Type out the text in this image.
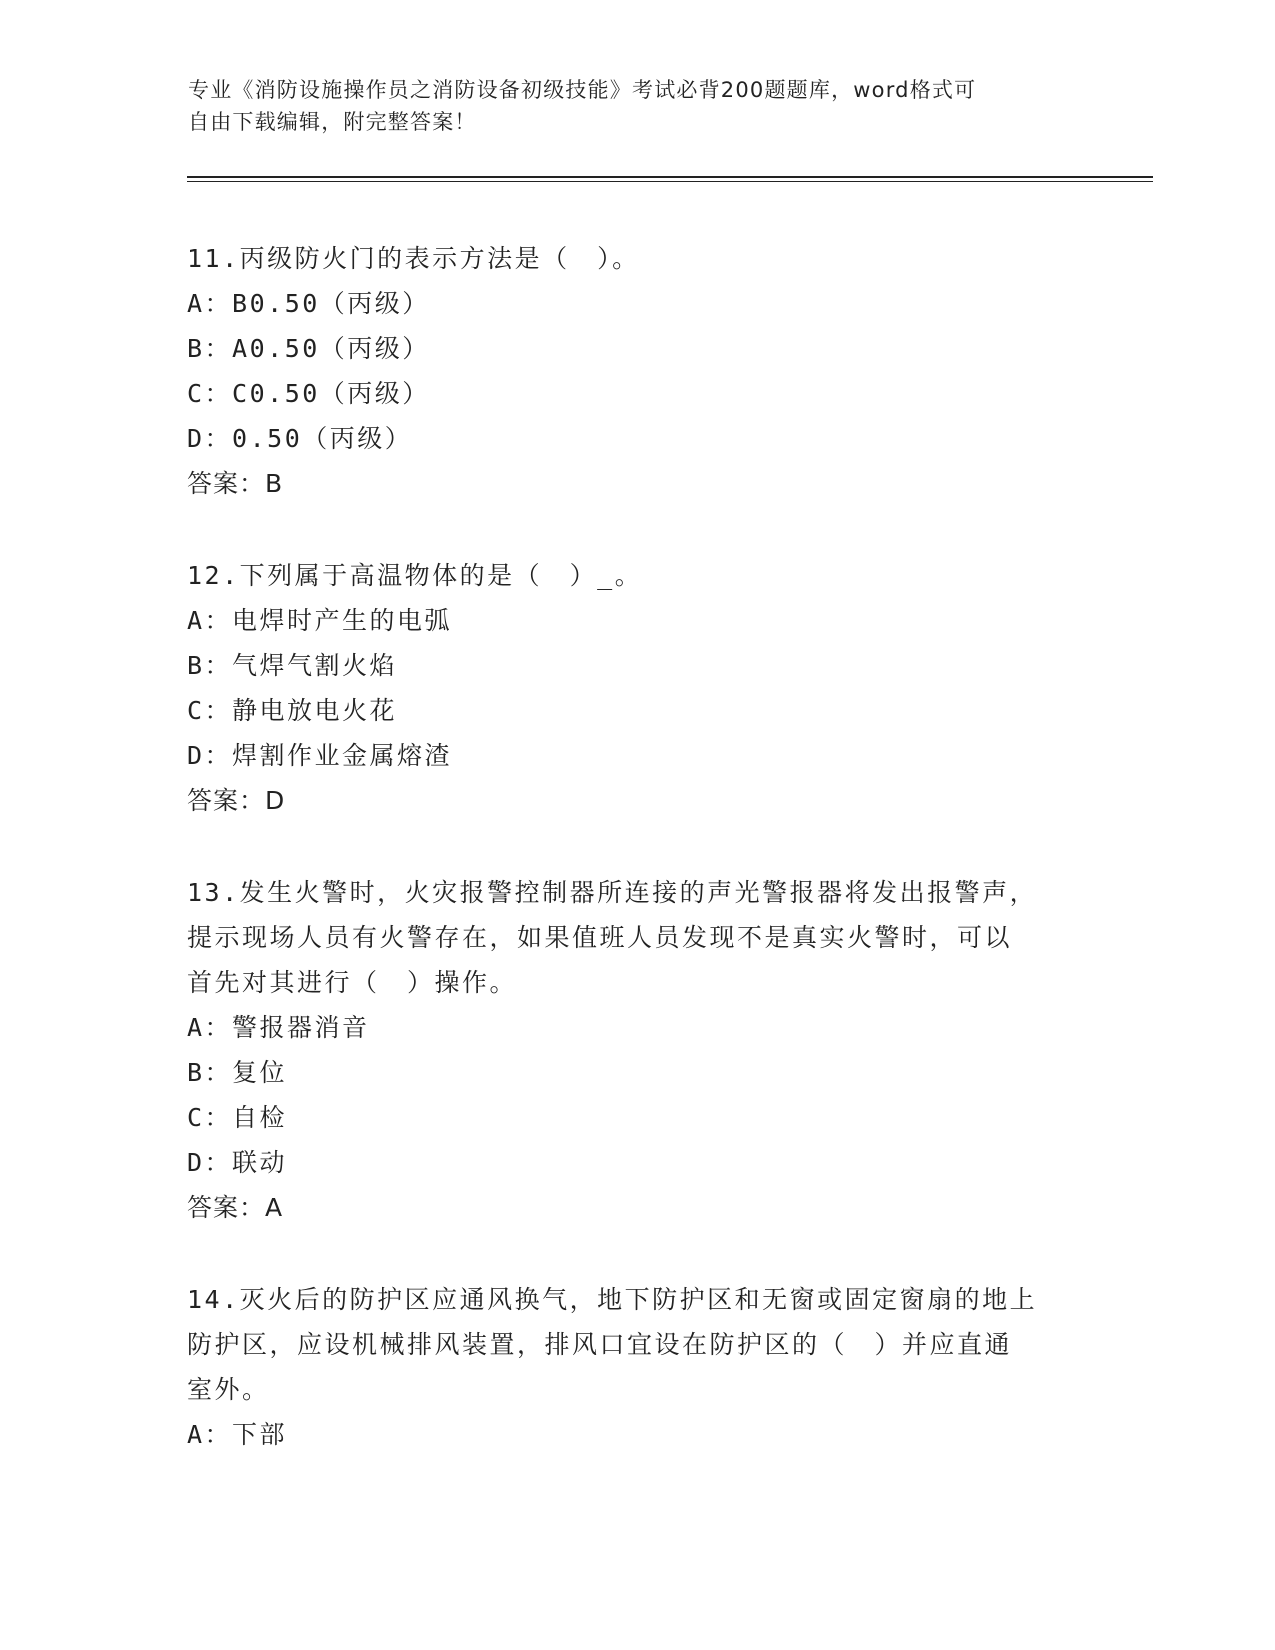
专业《消防设施操作员之消防设备初级技能》考试必背200题题库，word格式可
自由下载编辑，附完整答案！

11.丙级防火门的表示方法是（　）。

A：B0.50（丙级）

B：A0.50（丙级）

C：C0.50（丙级）

D：0.50（丙级）

答案：B

12.下列属于高温物体的是（　）_。

A：电焊时产生的电弧

B：气焊气割火焰

C：静电放电火花

D：焊割作业金属熔渣

答案：D

13.发生火警时，火灾报警控制器所连接的声光警报器将发出报警声，

提示现场人员有火警存在，如果值班人员发现不是真实火警时，可以

首先对其进行（　）操作。

A：警报器消音

B：复位

C：自检

D：联动

答案：A

14.灭火后的防护区应通风换气，地下防护区和无窗或固定窗扇的地上

防护区，应设机械排风装置，排风口宜设在防护区的（　）并应直通

室外。

A：下部
